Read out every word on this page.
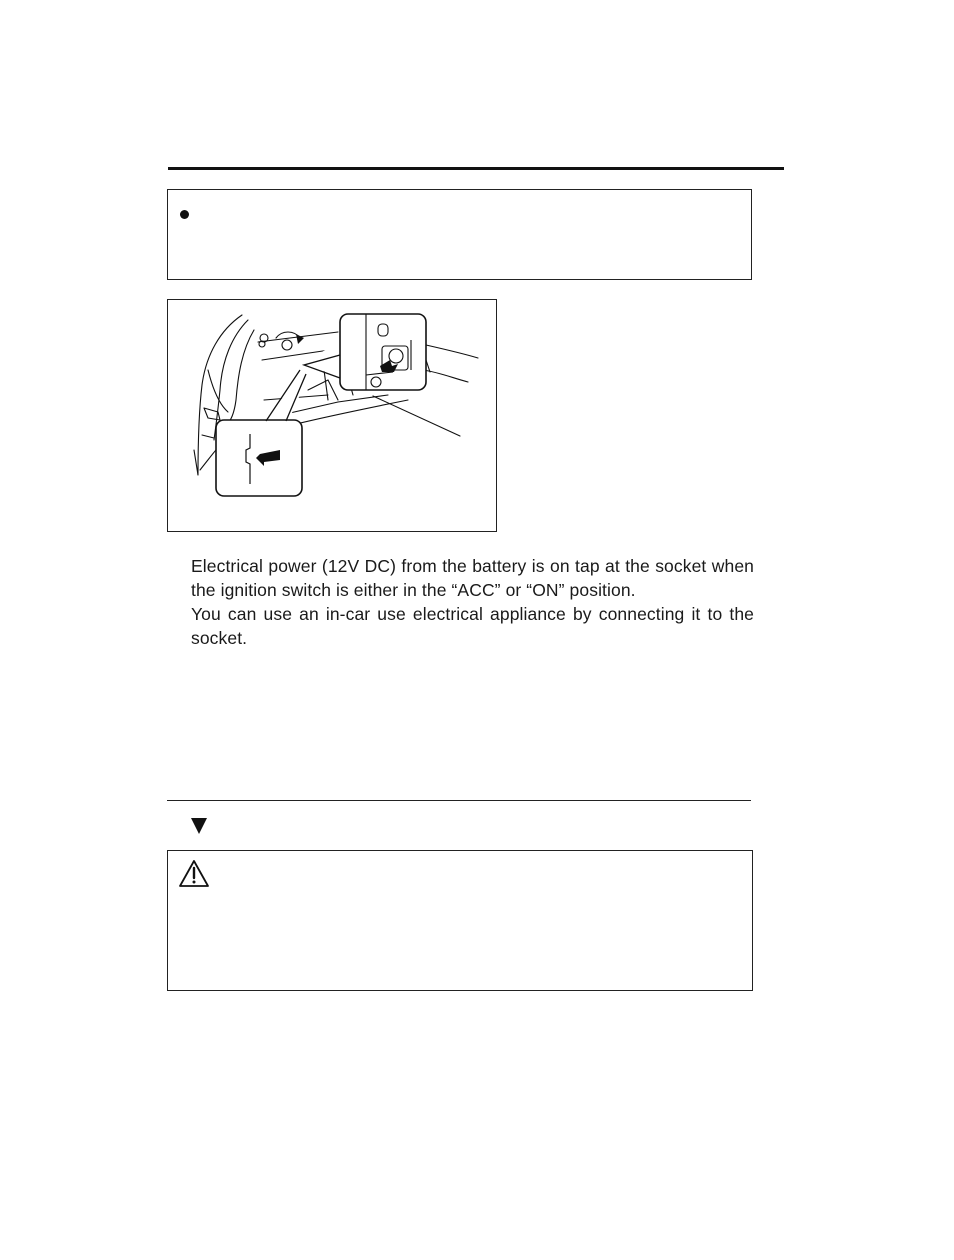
Electrical power (12V DC) from the battery is on tap at the socket when the ignition switch is either in the “ACC” or “ON” position.

You can use an in-car use electrical appliance by connecting it to the socket.
